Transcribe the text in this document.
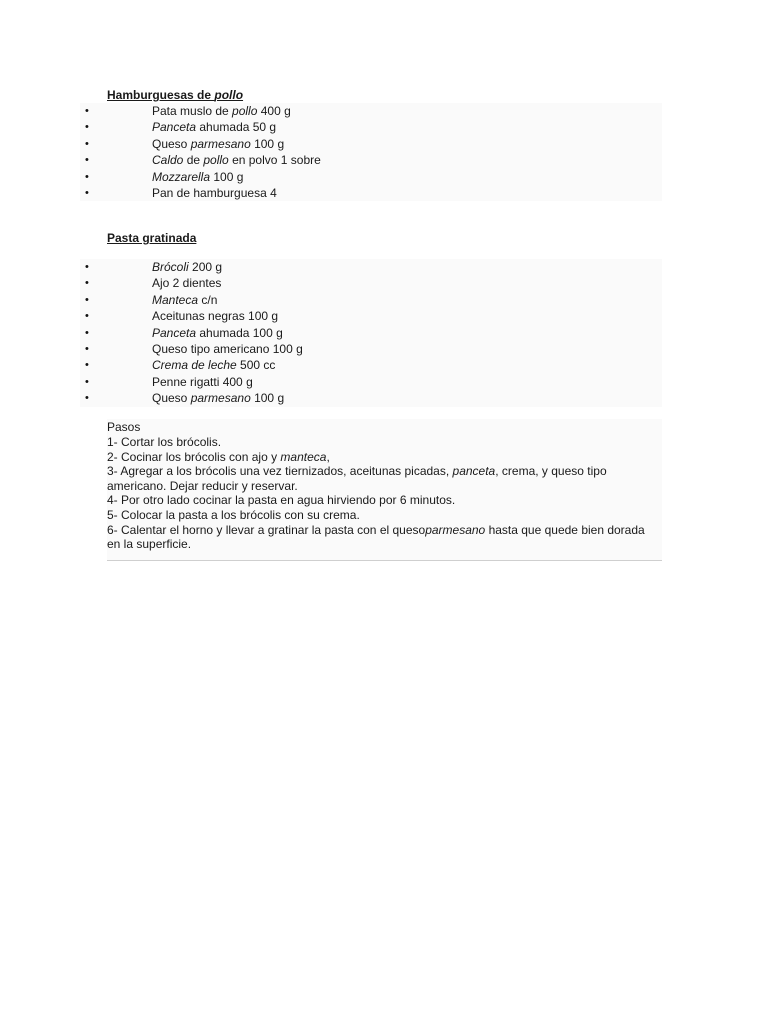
Hamburguesas de pollo
•	Pata muslo de pollo 400 g
•	Panceta ahumada 50 g
•	Queso parmesano 100 g
•	Caldo de pollo en polvo 1 sobre
•	Mozzarella 100 g
•	Pan de hamburguesa 4
Pasta gratinada
•	Brócoli 200 g
•	Ajo 2 dientes
•	Manteca c/n
•	Aceitunas negras 100 g
•	Panceta ahumada 100 g
•	Queso tipo americano 100 g
•	Crema de leche 500 cc
•	Penne rigatti 400 g
•	Queso parmesano 100 g
Pasos
1- Cortar los brócolis.
2- Cocinar los brócolis con ajo y manteca,
3- Agregar a los brócolis una vez tiernizados, aceitunas picadas, panceta, crema, y queso tipo americano. Dejar reducir y reservar.
4- Por otro lado cocinar la pasta en agua hirviendo por 6 minutos.
5- Colocar la pasta a los brócolis con su crema.
6- Calentar el horno y llevar a gratinar la pasta con el quesoparmesano hasta que quede bien dorada en la superficie.
